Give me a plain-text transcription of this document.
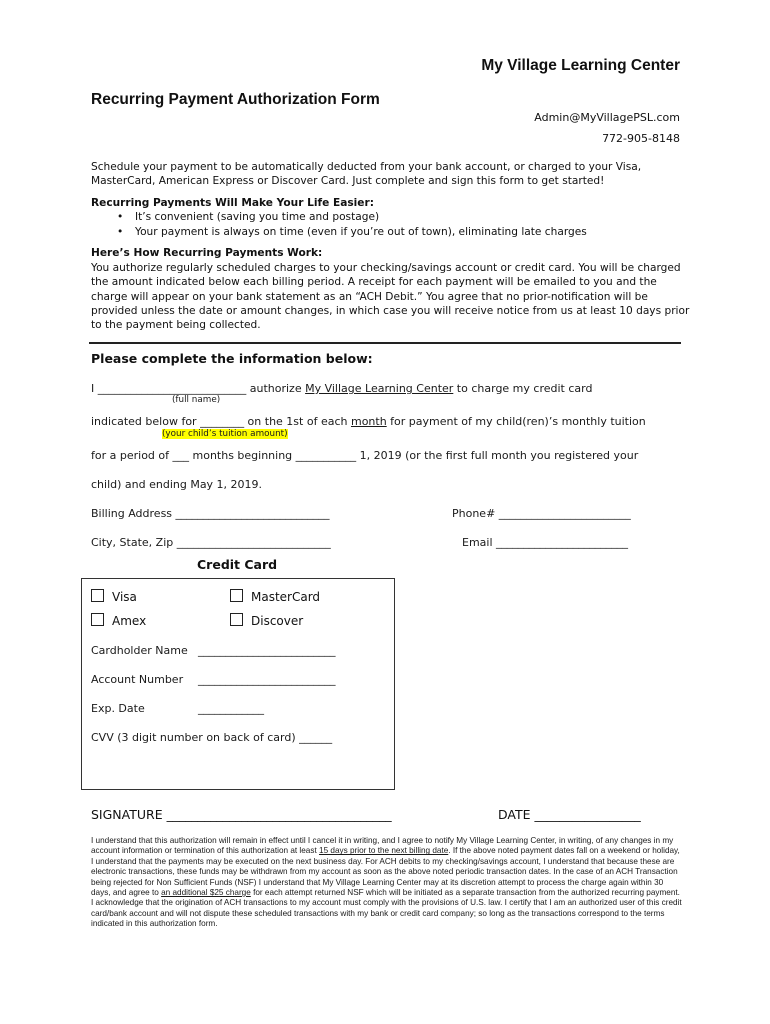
My Village Learning Center
Recurring Payment Authorization Form
Admin@MyVillagePSL.com
772-905-8148
Schedule your payment to be automatically deducted from your bank account, or charged to your Visa, MasterCard, American Express or Discover Card. Just complete and sign this form to get started!
Recurring Payments Will Make Your Life Easier:
• It’s convenient (saving you time and postage)
• Your payment is always on time (even if you’re out of town), eliminating late charges
Here’s How Recurring Payments Work:
You authorize regularly scheduled charges to your checking/savings account or credit card. You will be charged the amount indicated below each billing period. A receipt for each payment will be emailed to you and the charge will appear on your bank statement as an “ACH Debit.” You agree that no prior-notification will be provided unless the date or amount changes, in which case you will receive notice from us at least 10 days prior to the payment being collected.
Please complete the information below:
I ___________________________ authorize My Village Learning Center to charge my credit card
(full name)
indicated below for ________ on the 1st of each month for payment of my child(ren)’s monthly tuition
(your child’s tuition amount)
for a period of ___ months beginning ___________ 1, 2019 (or the first full month you registered your
child) and ending May 1, 2019.
Billing Address ____________________________	Phone# ________________________
City, State, Zip ____________________________	Email ________________________
Credit Card
Visa	MasterCard
Amex	Discover
Cardholder Name _________________________
Account Number _________________________
Exp. Date	____________
CVV (3 digit number on back of card) ______
SIGNATURE ____________________________________	DATE _________________
I understand that this authorization will remain in effect until I cancel it in writing, and I agree to notify My Village Learning Center, in writing, of any changes in my account information or termination of this authorization at least 15 days prior to the next billing date. If the above noted payment dates fall on a weekend or holiday, I understand that the payments may be executed on the next business day. For ACH debits to my checking/savings account, I understand that because these are electronic transactions, these funds may be withdrawn from my account as soon as the above noted periodic transaction dates. In the case of an ACH Transaction being rejected for Non Sufficient Funds (NSF) I understand that My Village Learning Center may at its discretion attempt to process the charge again within 30 days, and agree to an additional $25 charge for each attempt returned NSF which will be initiated as a separate transaction from the authorized recurring payment. I acknowledge that the origination of ACH transactions to my account must comply with the provisions of U.S. law. I certify that I am an authorized user of this credit card/bank account and will not dispute these scheduled transactions with my bank or credit card company; so long as the transactions correspond to the terms indicated in this authorization form.
